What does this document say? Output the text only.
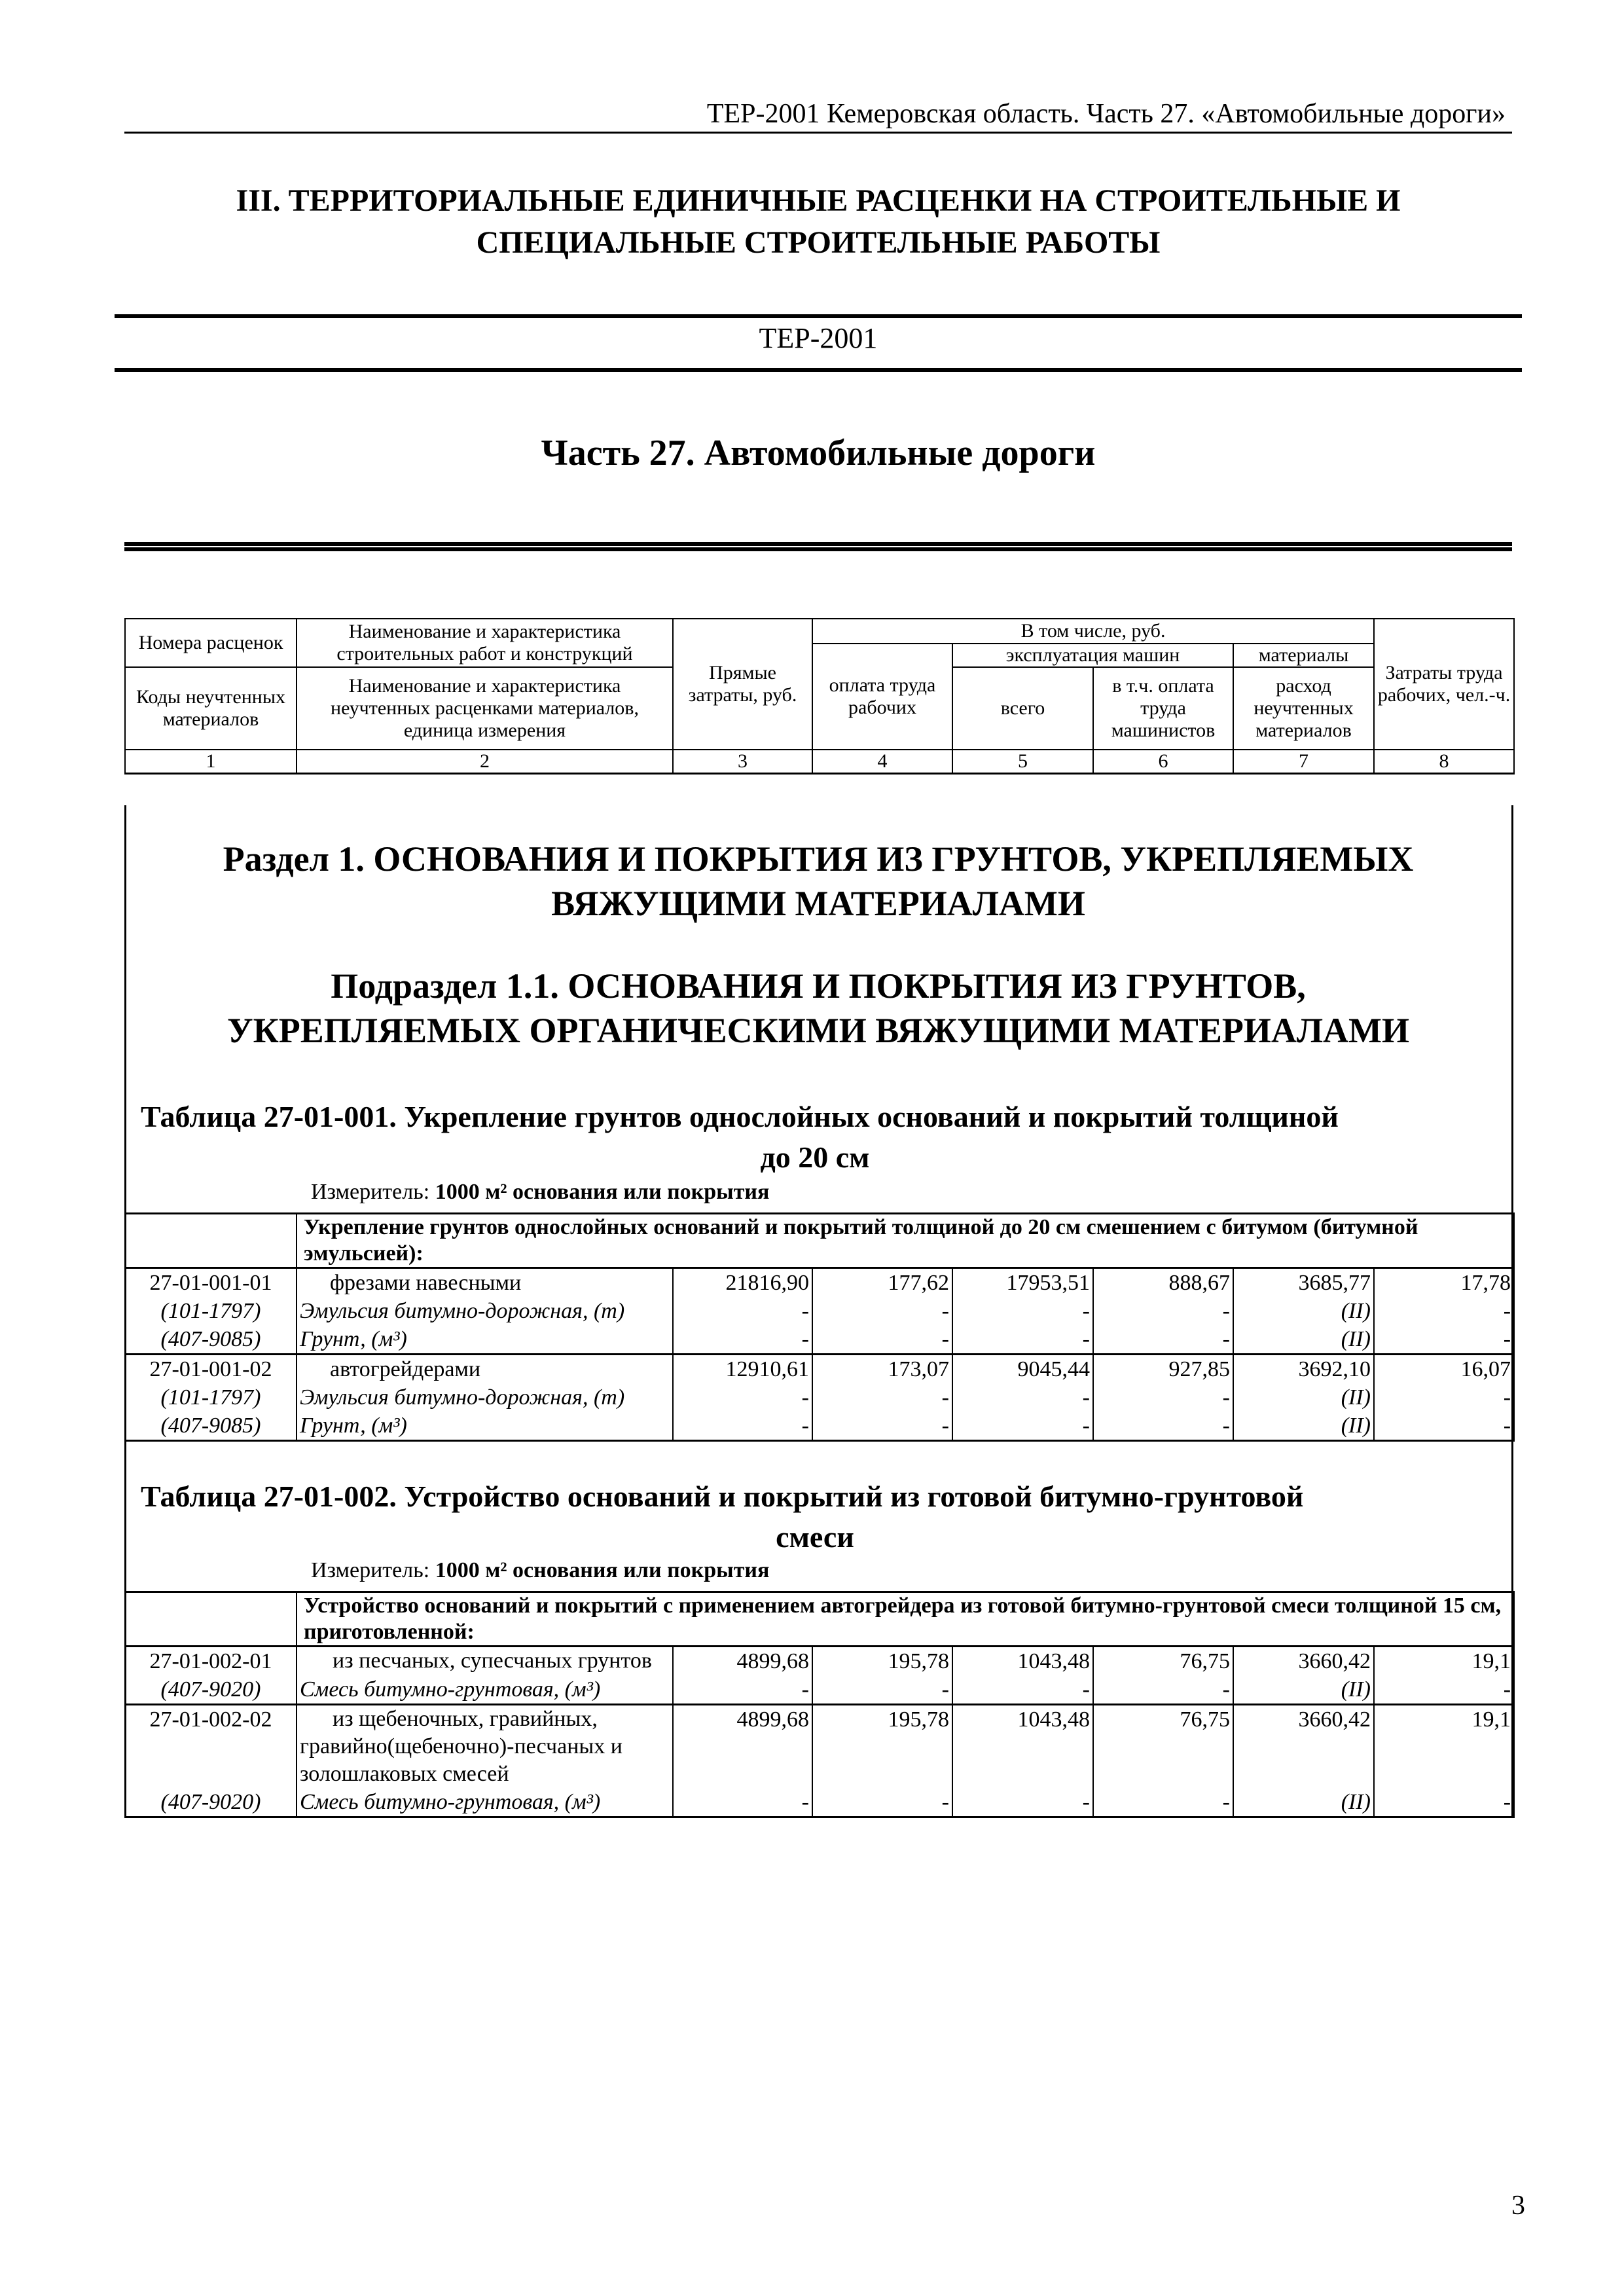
ТЕР-2001 Кемеровская область. Часть 27. «Автомобильные дороги»
III. ТЕРРИТОРИАЛЬНЫЕ ЕДИНИЧНЫЕ РАСЦЕНКИ НА СТРОИТЕЛЬНЫЕ И
СПЕЦИАЛЬНЫЕ СТРОИТЕЛЬНЫЕ РАБОТЫ
ТЕР-2001
Часть 27. Автомобильные дороги
Номера расценок	Наименование и характеристика строительных работ и конструкций	Прямые затраты, руб.	В том числе, руб.				Затраты труда рабочих, чел.-ч.
			оплата труда рабочих	эксплуатация машин		материалы	
Коды неучтенных материалов	Наименование и характеристика неучтенных расценками материалов, единица измерения			всего	в т.ч. оплата труда машинистов	расход неучтенных материалов	

1	2	3	4	5	6	7	8
Раздел 1. ОСНОВАНИЯ И ПОКРЫТИЯ ИЗ ГРУНТОВ, УКРЕПЛЯЕМЫХ
ВЯЖУЩИМИ МАТЕРИАЛАМИ
Подраздел 1.1. ОСНОВАНИЯ И ПОКРЫТИЯ ИЗ ГРУНТОВ,
УКРЕПЛЯЕМЫХ ОРГАНИЧЕСКИМИ ВЯЖУЩИМИ МАТЕРИАЛАМИ
Таблица 27-01-001. Укрепление грунтов однослойных оснований и покрытий толщиной
до 20 см
Измеритель: 1000 м² основания или покрытия
	Укрепление грунтов однослойных оснований и покрытий толщиной до 20 см смешением с битумом (битумной эмульсией):						
27-01-001-01	фрезами навесными	21816,90	177,62	17953,51	888,67	3685,77	17,78
(101-1797)	Эмульсия битумно-дорожная, (т)	-	-	-	-	(II)	-
(407-9085)	Грунт, (м³)	-	-	-	-	(II)	-
27-01-001-02	автогрейдерами	12910,61	173,07	9045,44	927,85	3692,10	16,07
(101-1797)	Эмульсия битумно-дорожная, (т)	-	-	-	-	(II)	-
(407-9085)	Грунт, (м³)	-	-	-	-	(II)	-
Таблица 27-01-002. Устройство оснований и покрытий из готовой битумно-грунтовой
смеси
Измеритель: 1000 м² основания или покрытия
	Устройство оснований и покрытий с применением автогрейдера из готовой битумно-грунтовой смеси толщиной 15 см, приготовленной:						
27-01-002-01	из песчаных, супесчаных грунтов	4899,68	195,78	1043,48	76,75	3660,42	19,1
(407-9020)	Смесь битумно-грунтовая, (м³)	-	-	-	-	(II)	-
27-01-002-02	из щебеночных, гравийных, гравийно(щебеночно)-песчаных и золошлаковых смесей	4899,68	195,78	1043,48	76,75	3660,42	19,1
(407-9020)	Смесь битумно-грунтовая, (м³)	-	-	-	-	(II)	-
3
